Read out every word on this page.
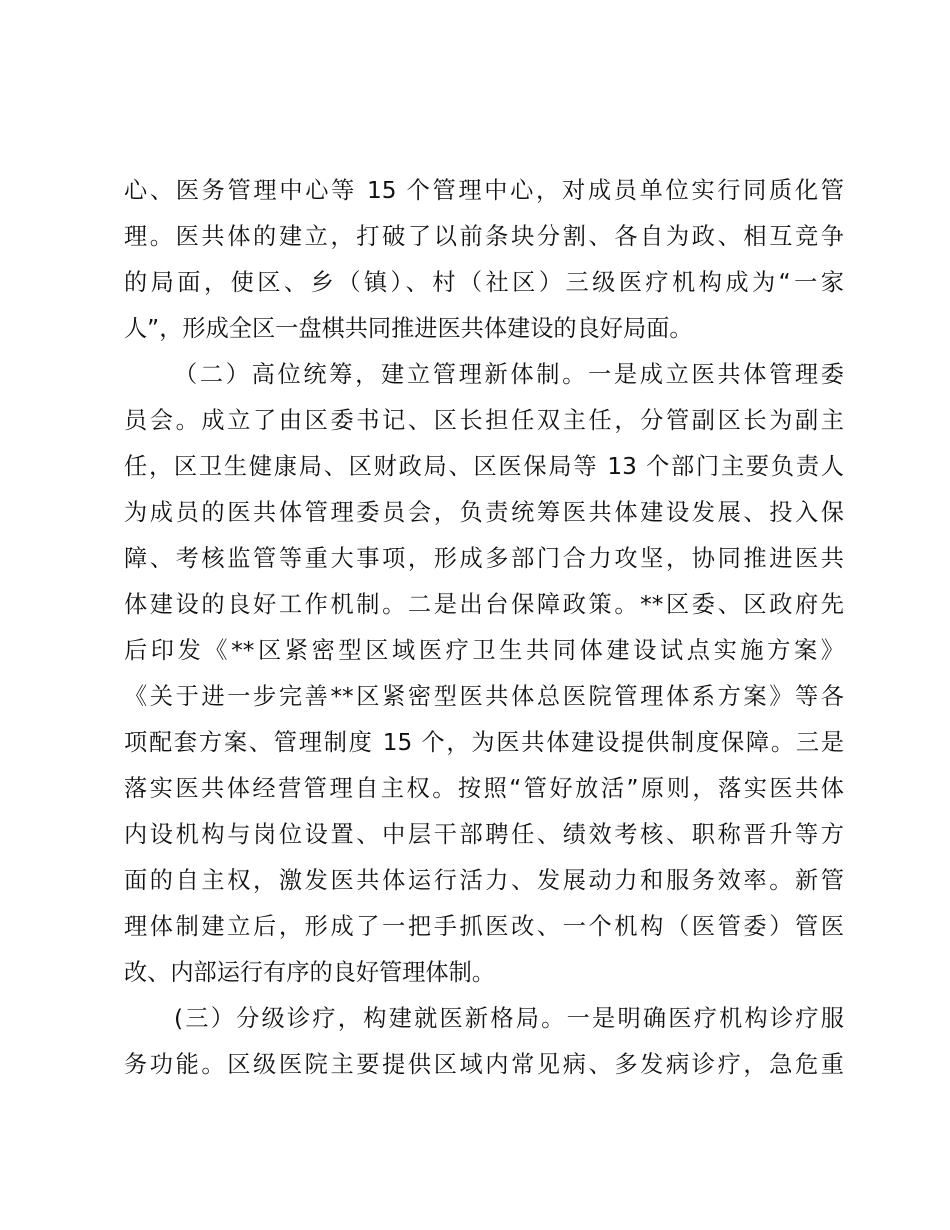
心、医务管理中心等 15 个管理中心，对成员单位实行同质化管
理。医共体的建立，打破了以前条块分割、各自为政、相互竞争
的局面，使区、乡（镇）、村（社区）三级医疗机构成为“一家
人”，形成全区一盘棋共同推进医共体建设的良好局面。
（二）高位统筹，建立管理新体制。一是成立医共体管理委
员会。成立了由区委书记、区长担任双主任，分管副区长为副主
任，区卫生健康局、区财政局、区医保局等 13 个部门主要负责人
为成员的医共体管理委员会，负责统筹医共体建设发展、投入保
障、考核监管等重大事项，形成多部门合力攻坚，协同推进医共
体建设的良好工作机制。二是出台保障政策。**区委、区政府先
后印发《**区紧密型区域医疗卫生共同体建设试点实施方案》
《关于进一步完善**区紧密型医共体总医院管理体系方案》等各
项配套方案、管理制度 15 个，为医共体建设提供制度保障。三是
落实医共体经营管理自主权。按照“管好放活”原则，落实医共体
内设机构与岗位设置、中层干部聘任、绩效考核、职称晋升等方
面的自主权，激发医共体运行活力、发展动力和服务效率。新管
理体制建立后，形成了一把手抓医改、一个机构（医管委）管医
改、内部运行有序的良好管理体制。
(三）分级诊疗，构建就医新格局。一是明确医疗机构诊疗服
务功能。区级医院主要提供区域内常见病、多发病诊疗，急危重
